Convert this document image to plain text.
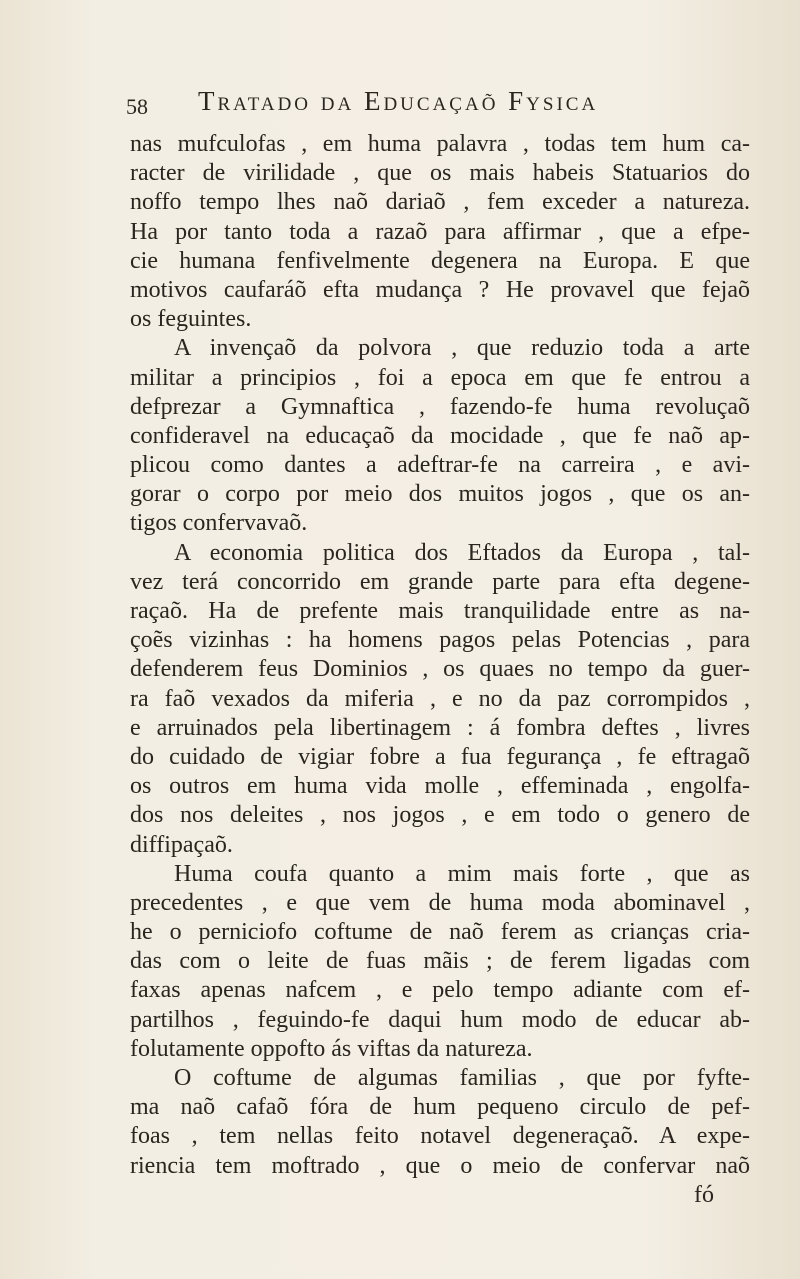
58 Tratado da Educaçaõ Fysica
nas mufculofas , em huma palavra , todas tem hum ca-
racter de virilidade , que os mais habeis Statuarios do
noffo tempo lhes naõ dariaõ , fem exceder a natureza.
Ha por tanto toda a razaõ para affirmar , que a efpe-
cie humana fenfivelmente degenera na Europa. E que
motivos caufaráõ efta mudança ? He provavel que fejaõ
os feguintes.
A invençaõ da polvora , que reduzio toda a arte
militar a principios , foi a epoca em que fe entrou a
defprezar a Gymnaftica , fazendo-fe huma revoluçaõ
confideravel na educaçaõ da mocidade , que fe naõ ap-
plicou como dantes a adeftrar-fe na carreira , e avi-
gorar o corpo por meio dos muitos jogos , que os an-
tigos confervavaõ.
A economia politica dos Eftados da Europa , tal-
vez terá concorrido em grande parte para efta degene-
raçaõ. Ha de prefente mais tranquilidade entre as na-
çoẽs vizinhas : ha homens pagos pelas Potencias , para
defenderem feus Dominios , os quaes no tempo da guer-
ra faõ vexados da miferia , e no da paz corrompidos ,
e arruinados pela libertinagem : á fombra deftes , livres
do cuidado de vigiar fobre a fua fegurança , fe eftragaõ
os outros em huma vida molle , effeminada , engolfa-
dos nos deleites , nos jogos , e em todo o genero de
diffipaçaõ.
Huma coufa quanto a mim mais forte , que as
precedentes , e que vem de huma moda abominavel ,
he o perniciofo coftume de naõ ferem as crianças cria-
das com o leite de fuas mãis ; de ferem ligadas com
faxas apenas nafcem , e pelo tempo adiante com ef-
partilhos , feguindo-fe daqui hum modo de educar ab-
folutamente oppofto ás viftas da natureza.
O coftume de algumas familias , que por fyfte-
ma naõ cafaõ fóra de hum pequeno circulo de pef-
foas , tem nellas feito notavel degeneraçaõ. A expe-
riencia tem moftrado , que o meio de confervar naõ
fó
